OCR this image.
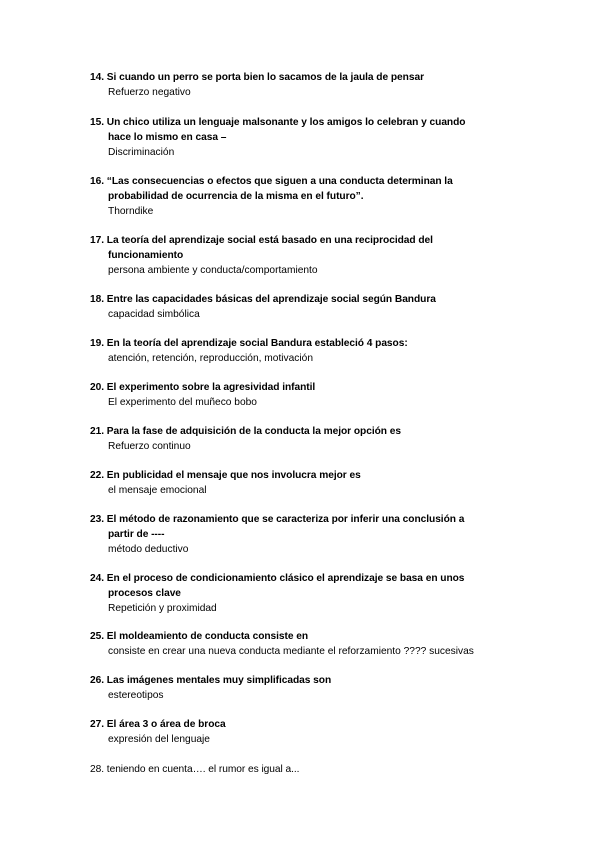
14. Si cuando un perro se porta bien lo sacamos de la jaula de pensar

Refuerzo negativo

15. Un chico utiliza un lenguaje malsonante y los amigos lo celebran y cuando
hace lo mismo en casa –

Discriminación

16. “Las consecuencias o efectos que siguen a una conducta determinan la
probabilidad de ocurrencia de la misma en el futuro”.

Thorndike

17. La teoría del aprendizaje social está basado en una reciprocidad del
funcionamiento

persona ambiente y conducta/comportamiento

18. Entre las capacidades básicas del aprendizaje social según Bandura

capacidad simbólica

19. En la teoría del aprendizaje social Bandura estableció 4 pasos:

atención, retención, reproducción, motivación

20. El experimento sobre la agresividad infantil

El experimento del muñeco bobo

21. Para la fase de adquisición de la conducta la mejor opción es

Refuerzo continuo

22. En publicidad el mensaje que nos involucra mejor es

el mensaje emocional

23. El método de razonamiento que se caracteriza por inferir una conclusión a
partir de ----

método deductivo

24. En el proceso de condicionamiento clásico el aprendizaje se basa en unos
procesos clave

Repetición y proximidad

25. El moldeamiento de conducta consiste en

consiste en crear una nueva conducta mediante el reforzamiento ???? sucesivas

26. Las imágenes mentales muy simplificadas son

estereotipos

27. El área 3 o área de broca

expresión del lenguaje

28. teniendo en cuenta…. el rumor es igual a...
